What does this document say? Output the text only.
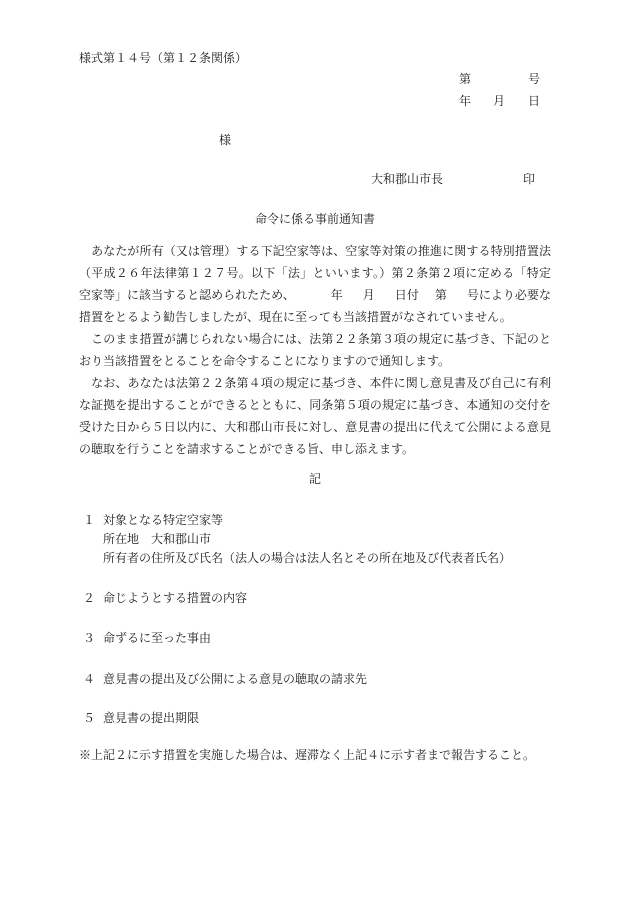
様式第１４号（第１２条関係）
第	号
年 月 日
様
大和郡山市長	印
命令に係る事前通知書
あなたが所有（又は管理）する下記空家等は、空家等対策の推進に関する特別措置法（平成２６年法律第１２７号。以下「法」といいます。）第２条第２項に定める「特定空家等」に該当すると認められたため、	年 月 日付 第 号により必要な措置をとるよう勧告しましたが、現在に至っても当該措置がなされていません。
このまま措置が講じられない場合には、法第２２条第３項の規定に基づき、下記のとおり当該措置をとることを命令することになりますので通知します。
なお、あなたは法第２２条第４項の規定に基づき、本件に関し意見書及び自己に有利な証拠を提出することができるとともに、同条第５項の規定に基づき、本通知の交付を受けた日から５日以内に、大和郡山市長に対し、意見書の提出に代えて公開による意見の聴取を行うことを請求することができる旨、申し添えます。
記
１ 対象となる特定空家等
所在地　大和郡山市
所有者の住所及び氏名（法人の場合は法人名とその所在地及び代表者氏名）
２ 命じようとする措置の内容
３ 命ずるに至った事由
４ 意見書の提出及び公開による意見の聴取の請求先
５ 意見書の提出期限
※上記２に示す措置を実施した場合は、遅滞なく上記４に示す者まで報告すること。
